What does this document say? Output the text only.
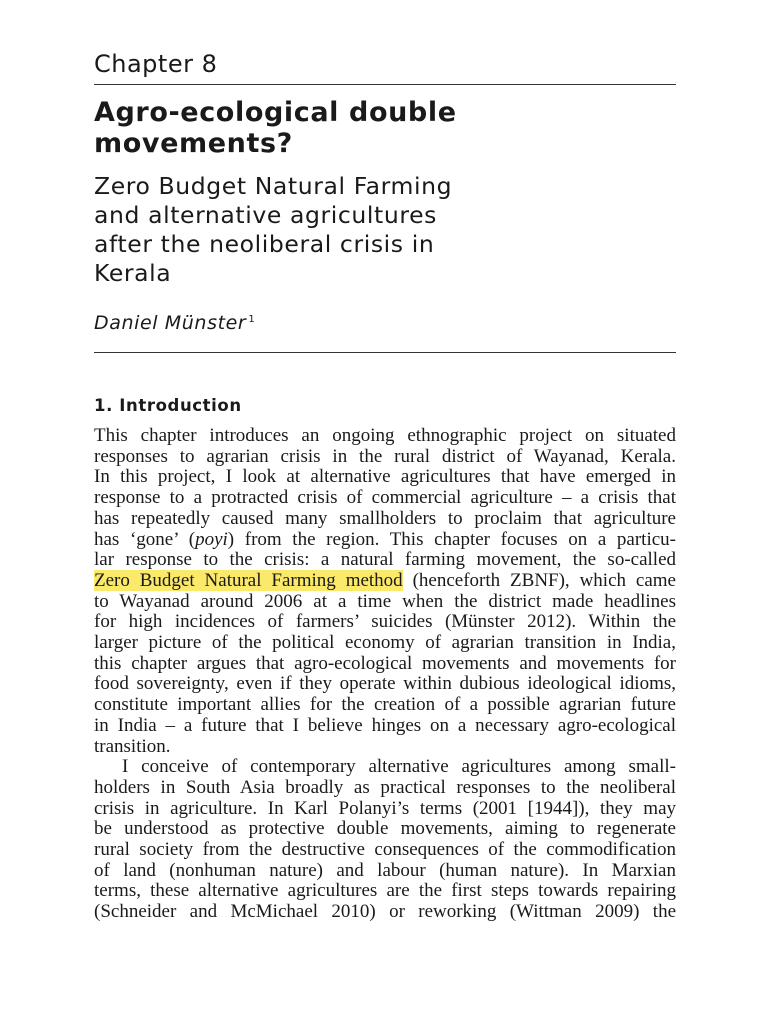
Chapter 8
Agro-ecological double
movements?
Zero Budget Natural Farming
and alternative agricultures
after the neoliberal crisis in
Kerala
Daniel Münster $^1$
1. Introduction
This chapter introduces an ongoing ethnographic project on situated
responses to agrarian crisis in the rural district of Wayanad, Kerala.
In this project, I look at alternative agricultures that have emerged in
response to a protracted crisis of commercial agriculture – a crisis that
has repeatedly caused many smallholders to proclaim that agriculture
has ‘gone’ (poyi) from the region. This chapter focuses on a particu-
lar response to the crisis: a natural farming movement, the so-called
Zero Budget Natural Farming method (henceforth ZBNF), which came
to Wayanad around 2006 at a time when the district made headlines
for high incidences of farmers’ suicides (Münster 2012). Within the
larger picture of the political economy of agrarian transition in India,
this chapter argues that agro-ecological movements and movements for
food sovereignty, even if they operate within dubious ideological idioms,
constitute important allies for the creation of a possible agrarian future
in India – a future that I believe hinges on a necessary agro-ecological
transition.
I conceive of contemporary alternative agricultures among small-
holders in South Asia broadly as practical responses to the neoliberal
crisis in agriculture. In Karl Polanyi’s terms (2001 [1944]), they may
be understood as protective double movements, aiming to regenerate
rural society from the destructive consequences of the commodification
of land (nonhuman nature) and labour (human nature). In Marxian
terms, these alternative agricultures are the first steps towards repairing
(Schneider and McMichael 2010) or reworking (Wittman 2009) the
